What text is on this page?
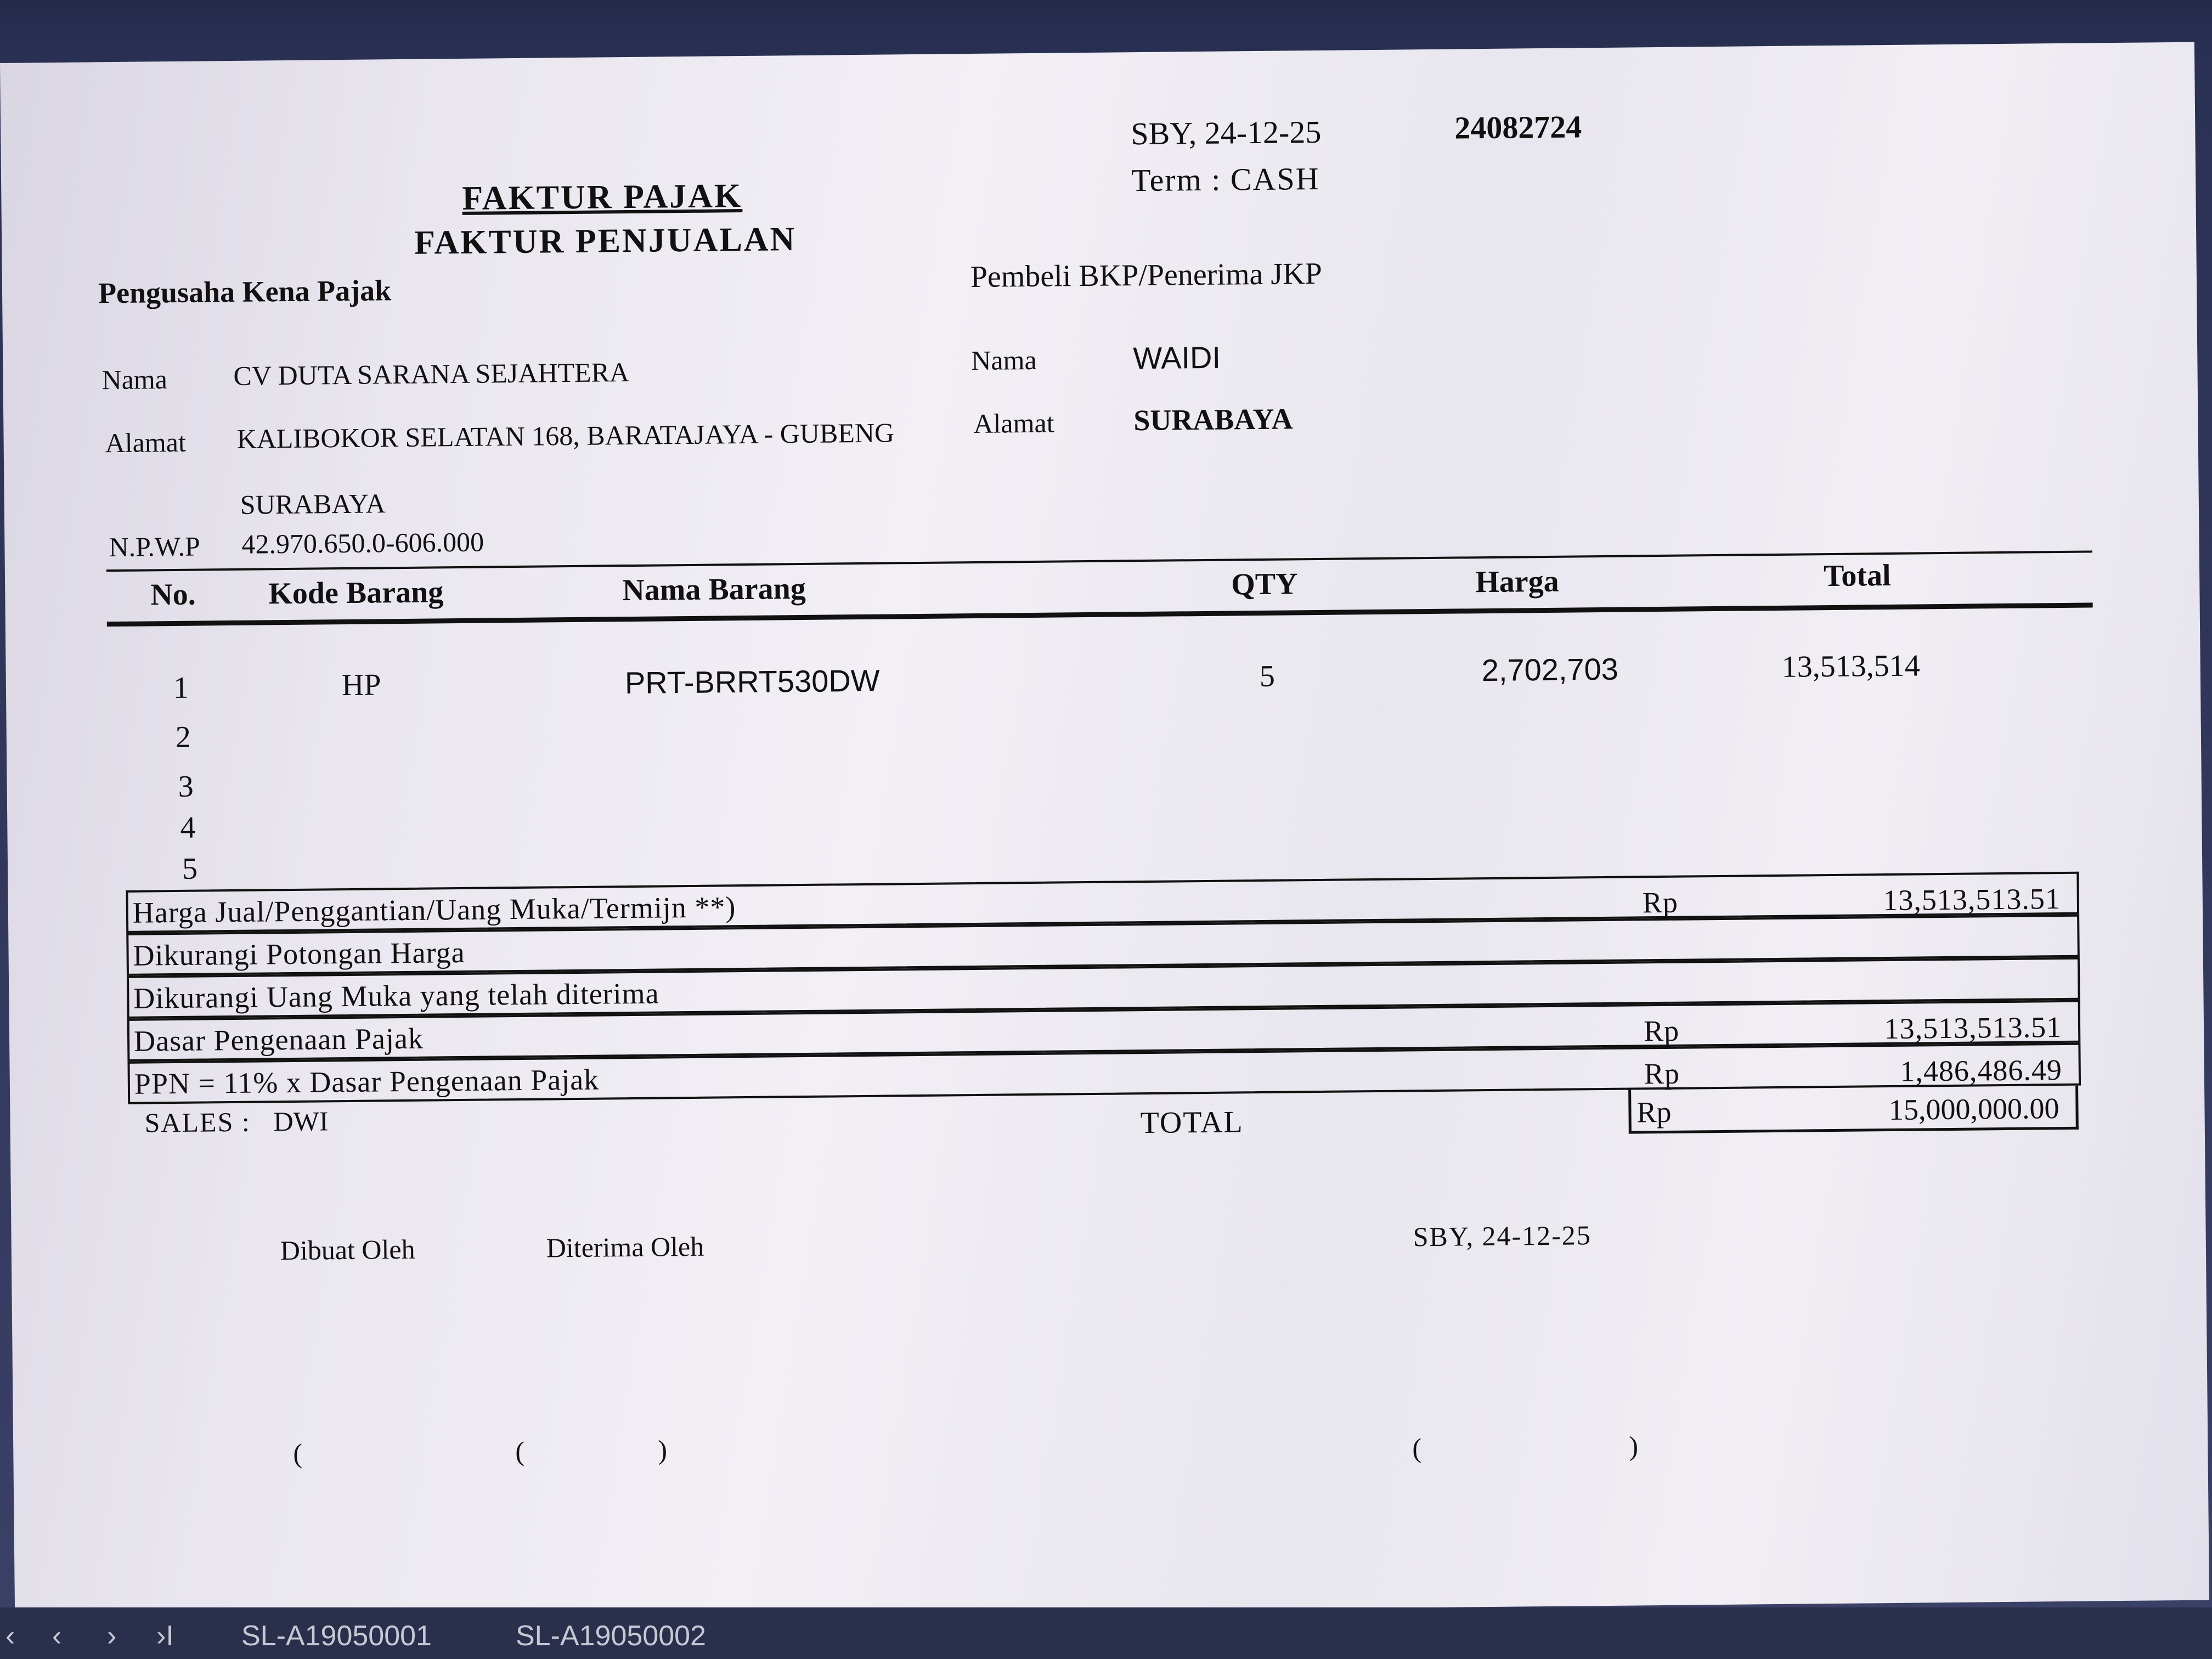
SBY, 24-12-25	24082724
Term : CASH
FAKTUR PAJAK
FAKTUR PENJUALAN
Pengusaha Kena Pajak
Nama CV DUTA SARANA SEJAHTERA
Alamat KALIBOKOR SELATAN 168, BARATAJAYA - GUBENG
SURABAYA
N.P.W.P 42.970.650.0-606.000
Pembeli BKP/Penerima JKP
Nama	WAIDI
Alamat	SURABAYA
No. Kode Barang	Nama Barang	QTY	Harga	Total
1	HP	PRT-BRRT530DW	5	2,702,703	13,513,514
2
3
4
5
Harga Jual/Penggantian/Uang Muka/Termijn **)	Rp	13,513,513.51
Dikurangi Potongan Harga
Dikurangi Uang Muka yang telah diterima
Dasar Pengenaan Pajak	Rp	13,513,513.51
PPN = 11% x Dasar Pengenaan Pajak	Rp	1,486,486.49
SALES : DWI	TOTAL	Rp	15,000,000.00
Dibuat Oleh	Diterima Oleh	SBY, 24-12-25
(	(	)	(	)
‹ ‹ › ›I SL-A19050001	SL-A19050002
